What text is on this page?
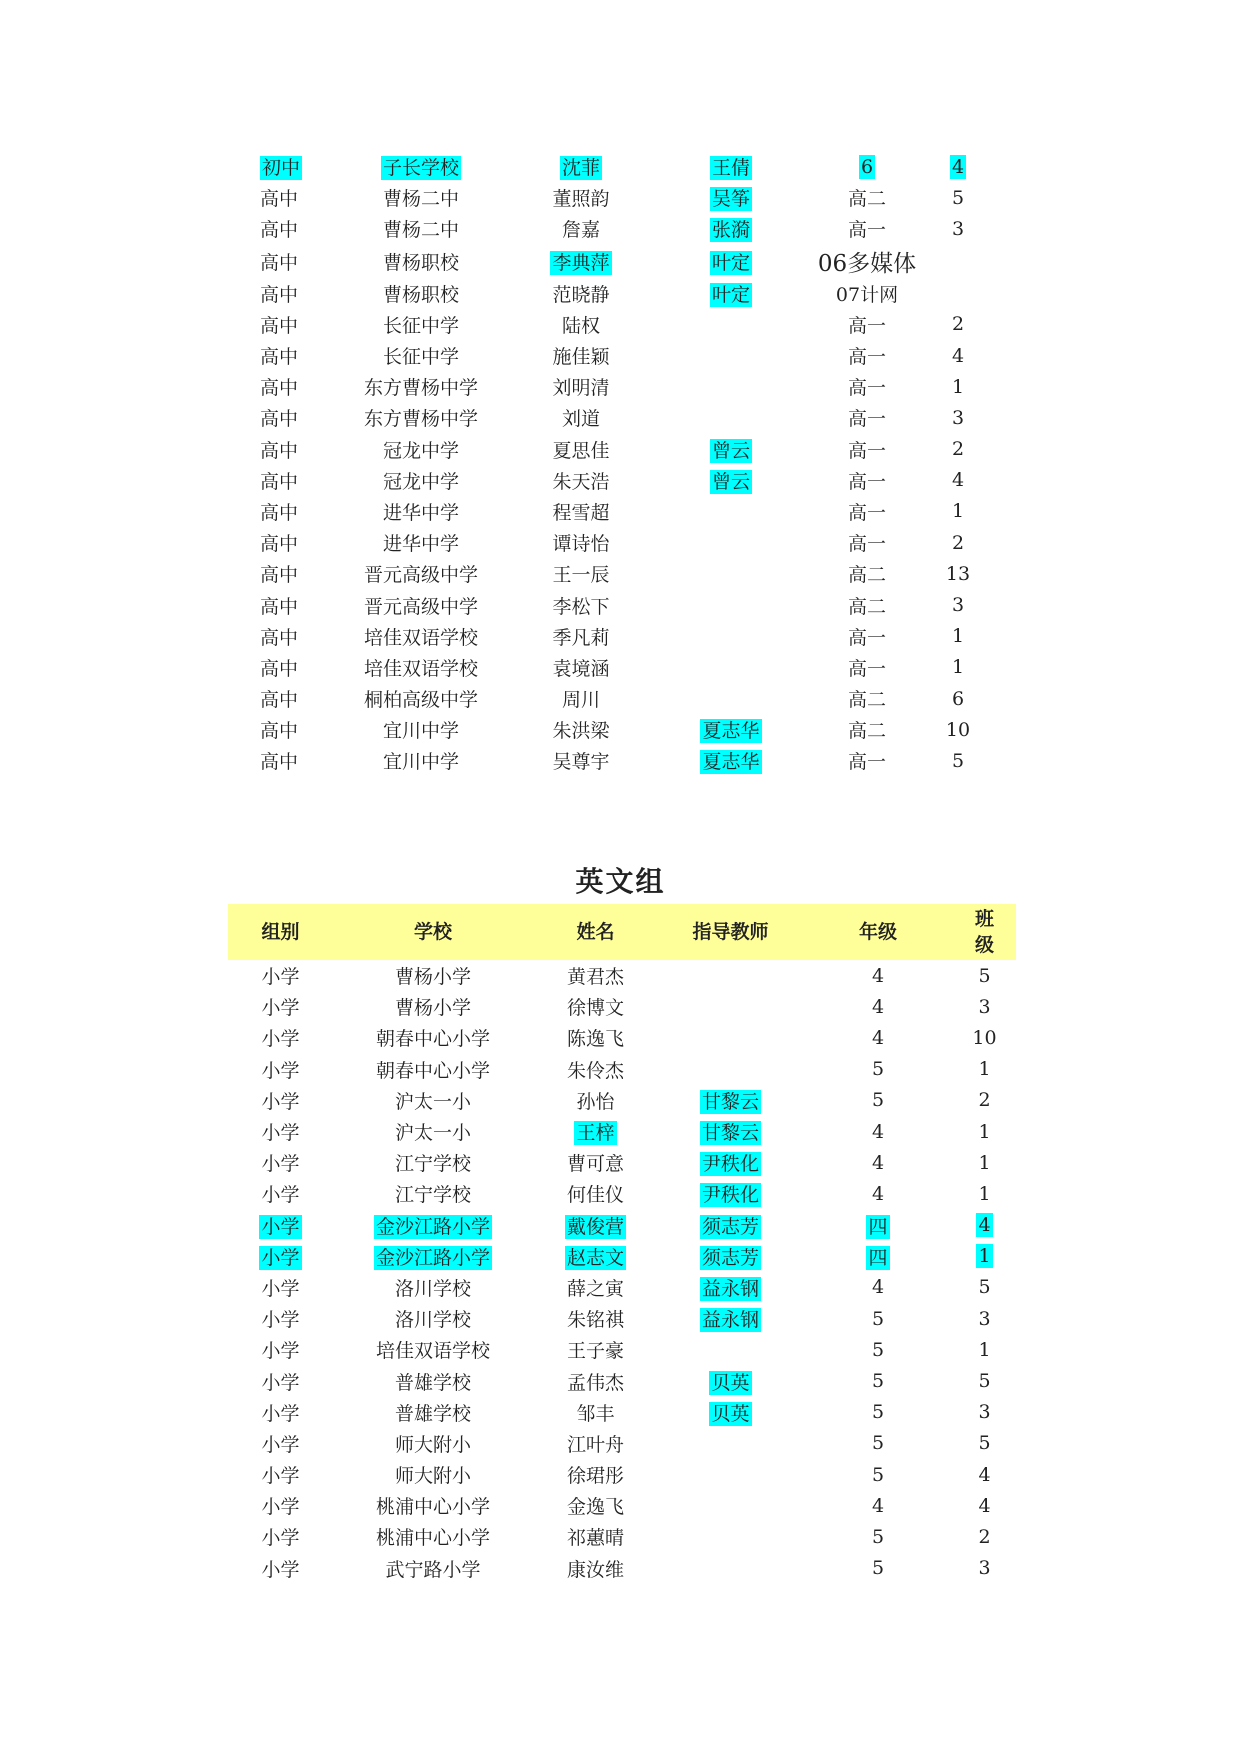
初中	子长学校	沈菲	王倩	6	4
高中	曹杨二中	董照韵	吴筝	高二	5
高中	曹杨二中	詹嘉	张漪	高一	3
高中	曹杨职校	李典萍	叶定	06多媒体	
高中	曹杨职校	范晓静	叶定	07计网	
高中	长征中学	陆权		高一	2
高中	长征中学	施佳颖		高一	4
高中	东方曹杨中学	刘明清		高一	1
高中	东方曹杨中学	刘道		高一	3
高中	冠龙中学	夏思佳	曾云	高一	2
高中	冠龙中学	朱天浩	曾云	高一	4
高中	进华中学	程雪超		高一	1
高中	进华中学	谭诗怡		高一	2
高中	晋元高级中学	王一辰		高二	13
高中	晋元高级中学	李松下		高二	3
高中	培佳双语学校	季凡莉		高一	1
高中	培佳双语学校	袁境涵		高一	1
高中	桐柏高级中学	周川		高二	6
高中	宜川中学	朱洪梁	夏志华	高二	10
高中	宜川中学	吴尊宇	夏志华	高一	5
英文组
组别	学校	姓名	指导教师	年级	班
级
小学	曹杨小学	黄君杰		4	5
小学	曹杨小学	徐博文		4	3
小学	朝春中心小学	陈逸飞		4	10
小学	朝春中心小学	朱伶杰		5	1
小学	沪太一小	孙怡	甘黎云	5	2
小学	沪太一小	王梓	甘黎云	4	1
小学	江宁学校	曹可意	尹秩化	4	1
小学	江宁学校	何佳仪	尹秩化	4	1
小学	金沙江路小学	戴俊营	须志芳	四	4
小学	金沙江路小学	赵志文	须志芳	四	1
小学	洛川学校	薛之寅	益永钢	4	5
小学	洛川学校	朱铭祺	益永钢	5	3
小学	培佳双语学校	王子豪		5	1
小学	普雄学校	孟伟杰	贝英	5	5
小学	普雄学校	邹丰	贝英	5	3
小学	师大附小	江叶舟		5	5
小学	师大附小	徐珺彤		5	4
小学	桃浦中心小学	金逸飞		4	4
小学	桃浦中心小学	祁蕙晴		5	2
小学	武宁路小学	康汝维		5	3
